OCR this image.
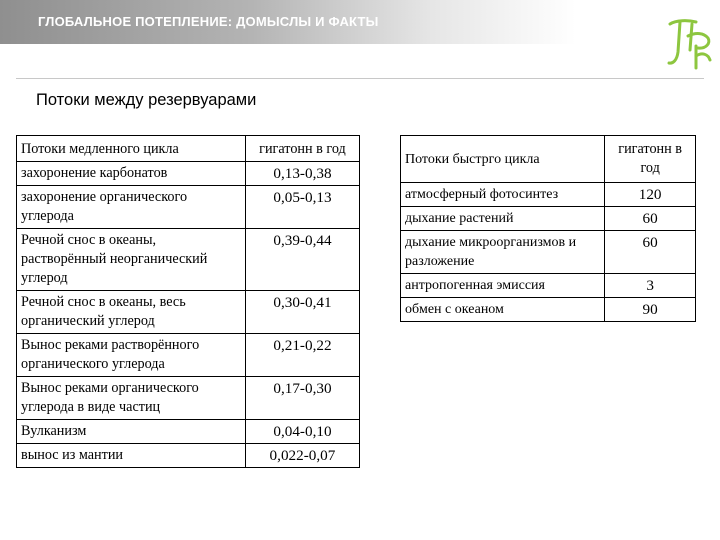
ГЛОБАЛЬНОЕ ПОТЕПЛЕНИЕ: ДОМЫСЛЫ И ФАКТЫ
Потоки между резервуарами
Потоки медленного цикла	гигатонн в год
захоронение карбонатов	0,13-0,38
захоронение органического углерода	0,05-0,13
Речной снос в океаны, растворённый неорганический углерод	0,39-0,44
Речной снос в океаны, весь органический углерод	0,30-0,41
Вынос реками растворённого органического углерода	0,21-0,22
Вынос реками органического углерода в виде частиц	0,17-0,30
Вулканизм	0,04-0,10
вынос из мантии	0,022-0,07
Потоки быстрго цикла	гигатонн в год
атмосферный фотосинтез	120
дыхание растений	60
дыхание микроорганизмов и разложение	60
антропогенная эмиссия	3
обмен с океаном	90
